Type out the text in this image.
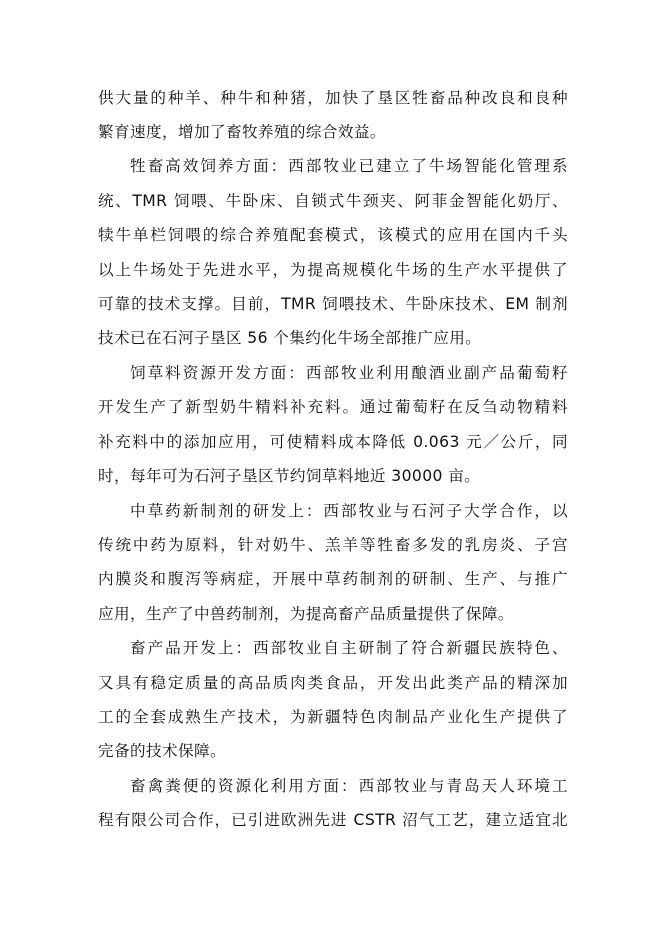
供大量的种羊、种牛和种猪，加快了垦区牲畜品种改良和良种
繁育速度，增加了畜牧养殖的综合效益。
牲畜高效饲养方面：西部牧业已建立了牛场智能化管理系
统、TMR 饲喂、牛卧床、自锁式牛颈夹、阿菲金智能化奶厅、
犊牛单栏饲喂的综合养殖配套模式，该模式的应用在国内千头
以上牛场处于先进水平，为提高规模化牛场的生产水平提供了
可靠的技术支撑。目前，TMR 饲喂技术、牛卧床技术、EM 制剂
技术已在石河子垦区 56 个集约化牛场全部推广应用。
饲草料资源开发方面：西部牧业利用酿酒业副产品葡萄籽
开发生产了新型奶牛精料补充料。通过葡萄籽在反刍动物精料
补充料中的添加应用，可使精料成本降低 0.063 元／公斤，同
时，每年可为石河子垦区节约饲草料地近 30000 亩。
中草药新制剂的研发上：西部牧业与石河子大学合作，以
传统中药为原料，针对奶牛、羔羊等牲畜多发的乳房炎、子宫
内膜炎和腹泻等病症，开展中草药制剂的研制、生产、与推广
应用，生产了中兽药制剂，为提高畜产品质量提供了保障。
畜产品开发上：西部牧业自主研制了符合新疆民族特色、
又具有稳定质量的高品质肉类食品，开发出此类产品的精深加
工的全套成熟生产技术，为新疆特色肉制品产业化生产提供了
完备的技术保障。
畜禽粪便的资源化利用方面：西部牧业与青岛天人环境工
程有限公司合作，已引进欧洲先进 CSTR 沼气工艺，建立适宜北
